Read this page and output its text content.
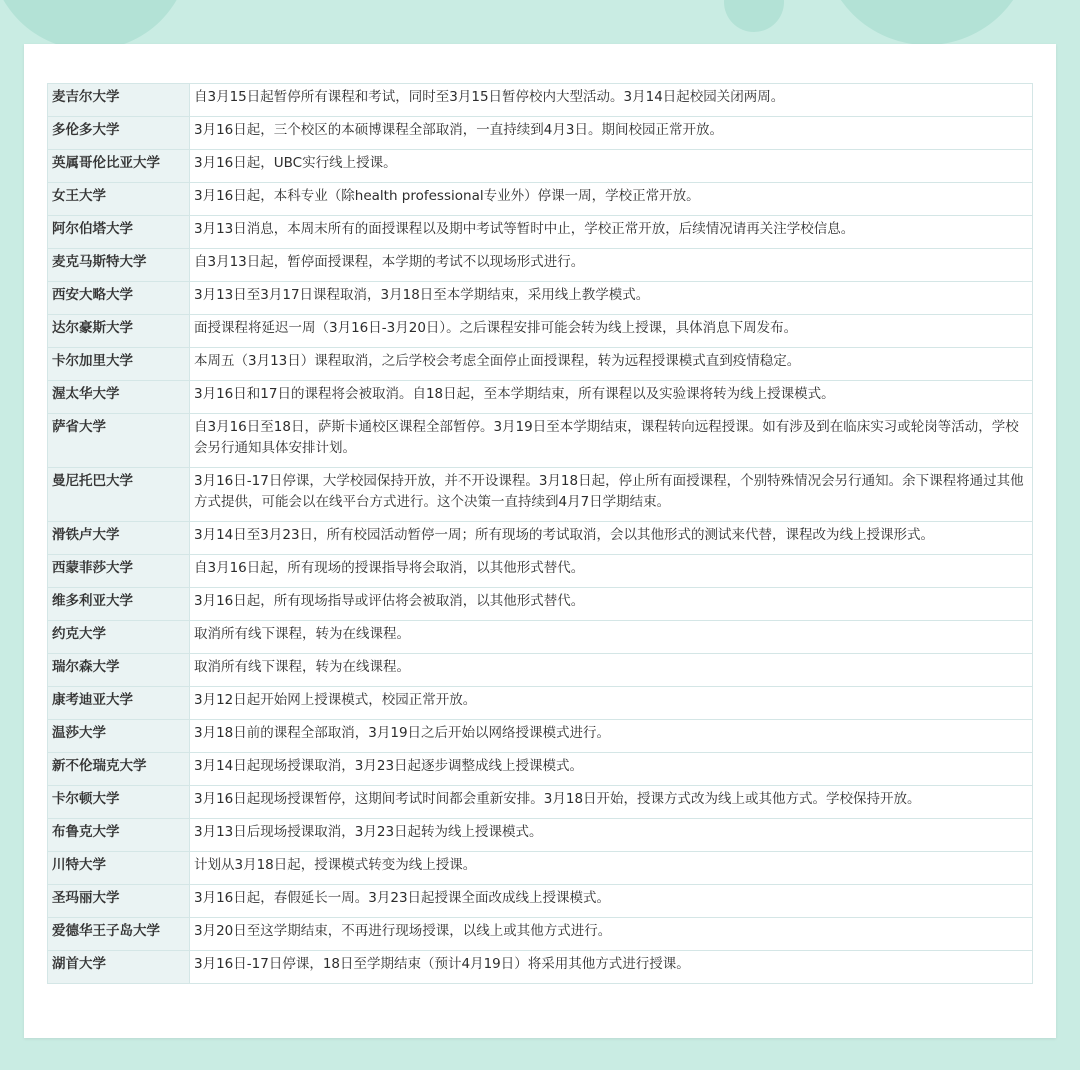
麦吉尔大学	自3月15日起暂停所有课程和考试，同时至3月15日暂停校内大型活动。3月14日起校园关闭两周。
多伦多大学	3月16日起，三个校区的本硕博课程全部取消，一直持续到4月3日。期间校园正常开放。
英属哥伦比亚大学	3月16日起，UBC实行线上授课。
女王大学	3月16日起，本科专业（除health professional专业外）停课一周，学校正常开放。
阿尔伯塔大学	3月13日消息，本周末所有的面授课程以及期中考试等暂时中止，学校正常开放，后续情况请再关注学校信息。
麦克马斯特大学	自3月13日起，暂停面授课程，本学期的考试不以现场形式进行。
西安大略大学	3月13日至3月17日课程取消，3月18日至本学期结束，采用线上教学模式。
达尔豪斯大学	面授课程将延迟一周（3月16日-3月20日）。之后课程安排可能会转为线上授课，具体消息下周发布。
卡尔加里大学	本周五（3月13日）课程取消，之后学校会考虑全面停止面授课程，转为远程授课模式直到疫情稳定。
渥太华大学	3月16日和17日的课程将会被取消。自18日起，至本学期结束，所有课程以及实验课将转为线上授课模式。
萨省大学	自3月16日至18日，萨斯卡通校区课程全部暂停。3月19日至本学期结束，课程转向远程授课。如有涉及到在临床实习或轮岗等活动，学校会另行通知具体安排计划。
曼尼托巴大学	3月16日-17日停课，大学校园保持开放，并不开设课程。3月18日起，停止所有面授课程，个别特殊情况会另行通知。余下课程将通过其他方式提供，可能会以在线平台方式进行。这个决策一直持续到4月7日学期结束。
滑铁卢大学	3月14日至3月23日，所有校园活动暂停一周；所有现场的考试取消，会以其他形式的测试来代替，课程改为线上授课形式。
西蒙菲莎大学	自3月16日起，所有现场的授课指导将会取消，以其他形式替代。
维多利亚大学	3月16日起，所有现场指导或评估将会被取消，以其他形式替代。
约克大学	取消所有线下课程，转为在线课程。
瑞尔森大学	取消所有线下课程，转为在线课程。
康考迪亚大学	3月12日起开始网上授课模式，校园正常开放。
温莎大学	3月18日前的课程全部取消，3月19日之后开始以网络授课模式进行。
新不伦瑞克大学	3月14日起现场授课取消，3月23日起逐步调整成线上授课模式。
卡尔顿大学	3月16日起现场授课暂停，这期间考试时间都会重新安排。3月18日开始，授课方式改为线上或其他方式。学校保持开放。
布鲁克大学	3月13日后现场授课取消，3月23日起转为线上授课模式。
川特大学	计划从3月18日起，授课模式转变为线上授课。
圣玛丽大学	3月16日起，春假延长一周。3月23日起授课全面改成线上授课模式。
爱德华王子岛大学	3月20日至这学期结束，不再进行现场授课，以线上或其他方式进行。
湖首大学	3月16日-17日停课，18日至学期结束（预计4月19日）将采用其他方式进行授课。
